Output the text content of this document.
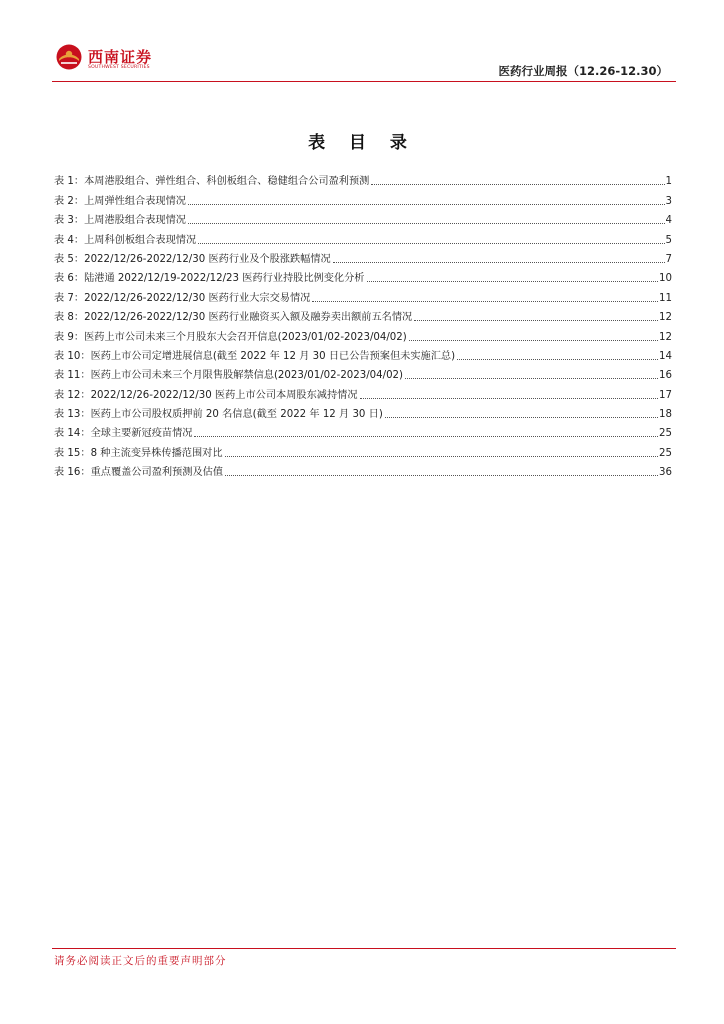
西南证券
SOUTHWEST SECURITIES	医药行业周报（12.26-12.30）
表 目 录
表 1：本周港股组合、弹性组合、科创板组合、稳健组合公司盈利预测	1
表 2：上周弹性组合表现情况	3
表 3：上周港股组合表现情况	4
表 4：上周科创板组合表现情况	5
表 5：2022/12/26-2022/12/30 医药行业及个股涨跌幅情况	7
表 6：陆港通 2022/12/19-2022/12/23 医药行业持股比例变化分析	10
表 7：2022/12/26-2022/12/30 医药行业大宗交易情况	11
表 8：2022/12/26-2022/12/30 医药行业融资买入额及融券卖出额前五名情况	12
表 9：医药上市公司未来三个月股东大会召开信息(2023/01/02-2023/04/02)	12
表 10：医药上市公司定增进展信息(截至 2022 年 12 月 30 日已公告预案但未实施汇总)	14
表 11：医药上市公司未来三个月限售股解禁信息(2023/01/02-2023/04/02)	16
表 12：2022/12/26-2022/12/30 医药上市公司本周股东减持情况	17
表 13：医药上市公司股权质押前 20 名信息(截至 2022 年 12 月 30 日)	18
表 14：全球主要新冠疫苗情况	25
表 15：8 种主流变异株传播范围对比	25
表 16：重点覆盖公司盈利预测及估值	36
请务必阅读正文后的重要声明部分
